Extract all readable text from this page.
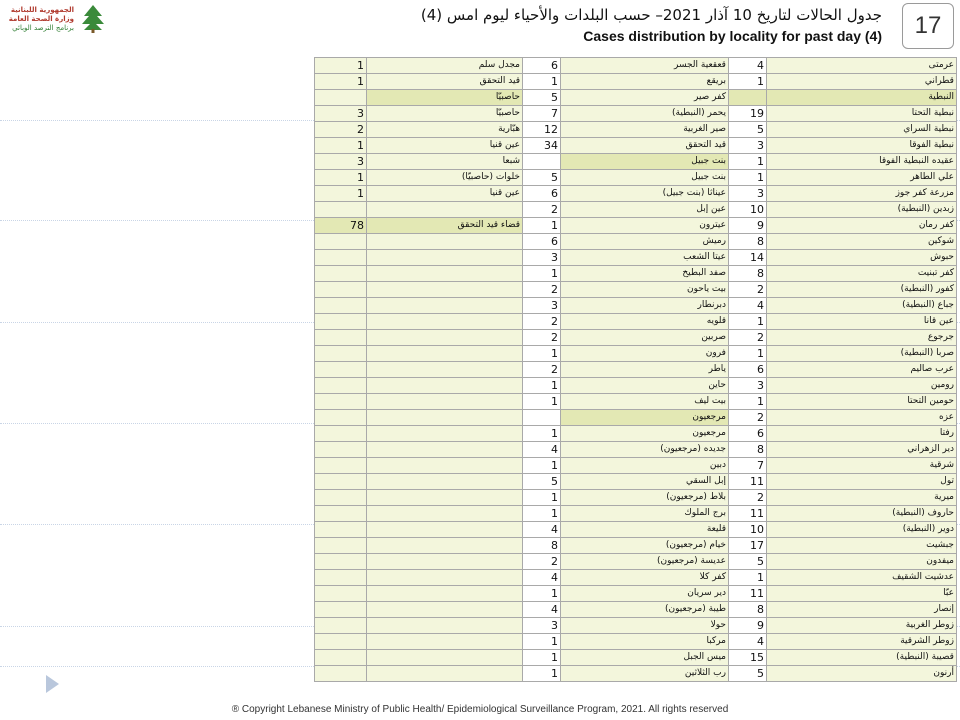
الجمهورية اللبنانية
وزارة الصحة العامة
برنامج الترصد الوبائي
جدول الحالات لتاريخ 10 آذار 2021– حسب البلدات والأحياء ليوم امس (4)
Cases distribution by locality for past day (4)	17
1	مجدل سلم	6	قعقعية الجسر	4	عرمتى
1	قيد التحقق	1	بريقع	1	قطراني
	حاصبيّا	5	كفر صير		النبطية
3	حاصبيّا	7	يحمر (النبطية)	19	نبطية التحتا
2	هبّارية	12	صير الغربية	5	نبطية السراي
1	عين قنيا	34	قيد التحقق	3	نبطية الفوقا
3	شبعا		بنت جبيل	1	عقيده النبطية الفوقا
1	خلوات (حاصبيّا)	5	بنت جبيل	1	علي الطاهر
1	عين قنيا	6	عيناثا (بنت جبيل)	3	مزرعة كفر جوز
		2	عين إبل	10	زبدين (النبطية)
78	قضاء قيد التحقق	1	عيترون	9	كفر رمان
		6	رميش	8	شوكين
		3	عيتا الشعب	14	حبوش
		1	صفد البطيخ	8	كفر تبنيت
		2	بيت ياحون	2	كفور (النبطية)
		3	دبرنطار	4	جباع (النبطية)
		2	قلويه	1	عين قانا
		2	صربين	2	جرجوع
		1	فرون	1	صربا (النبطية)
		2	ياطر	6	عرب صاليم
		1	حاين	3	رومين
		1	بيت ليف	1	حومين التحتا
			مرجعيون	2	عزه
		1	مرجعيون	6	رفتا
		4	جديده (مرجعيون)	8	دير الزهراني
		1	دبين	7	شرقية
		5	إبل السقي	11	تول
		1	بلاط (مرجعيون)	2	ميرية
		1	برج الملوك	11	حاروف (النبطية)
		4	قليعة	10	دوير (النبطية)
		8	خيام (مرجعيون)	17	جبشيت
		2	عديسة (مرجعيون)	5	ميفدون
		4	كفر كلا	1	عدشيت الشقيف
		1	دير سريان	11	عبّا
		4	طيبة (مرجعيون)	8	إنصار
		3	حولا	9	زوطر الغربية
		1	مركبا	4	زوطر الشرقية
		1	ميس الجبل	15	قصيبة (النبطية)
		1	رب الثلاثين	5	أرنون
® Copyright Lebanese Ministry of Public Health/ Epidemiological Surveillance Program, 2021. All rights reserved
